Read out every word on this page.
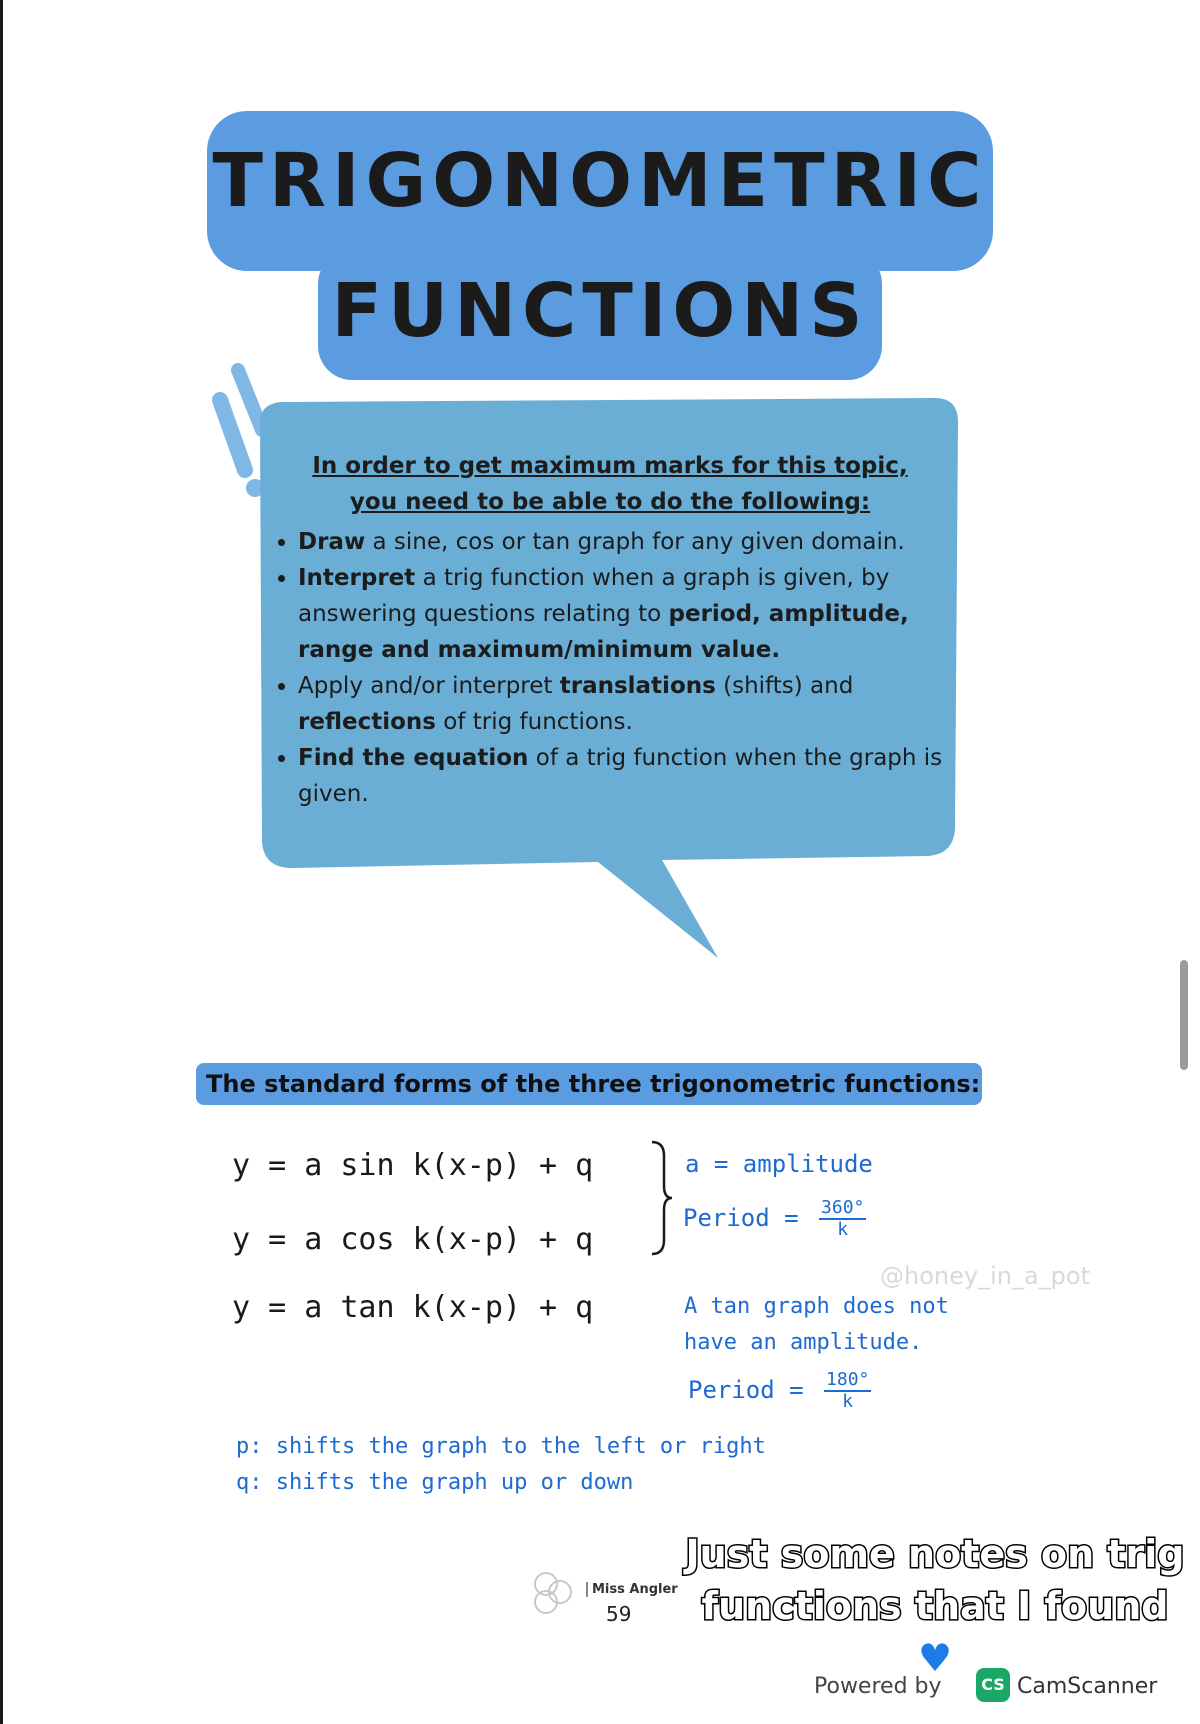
TRIGONOMETRIC
FUNCTIONS
In order to get maximum marks for this topic,
you need to be able to do the following:
• Draw a sine, cos or tan graph for any given domain.
• Interpret a trig function when a graph is given, by answering questions relating to period, amplitude, range and maximum/minimum value.
• Apply and/or interpret translations (shifts) and reflections of trig functions.
• Find the equation of a trig function when the graph is given.
The standard forms of the three trigonometric functions:
y = a sin k(x-p) + q
y = a cos k(x-p) + q
y = a tan k(x-p) + q
a = amplitude
Period = $\frac{360^\circ}{k}$
A tan graph does not
have an amplitude.
Period = $\frac{180^\circ}{k}$
p: shifts the graph to the left or right
q: shifts the graph up or down
@honey_in_a_pot
Miss Angler
59
Just some notes on trig
functions that I found ♥
Powered by	CS CamScanner
